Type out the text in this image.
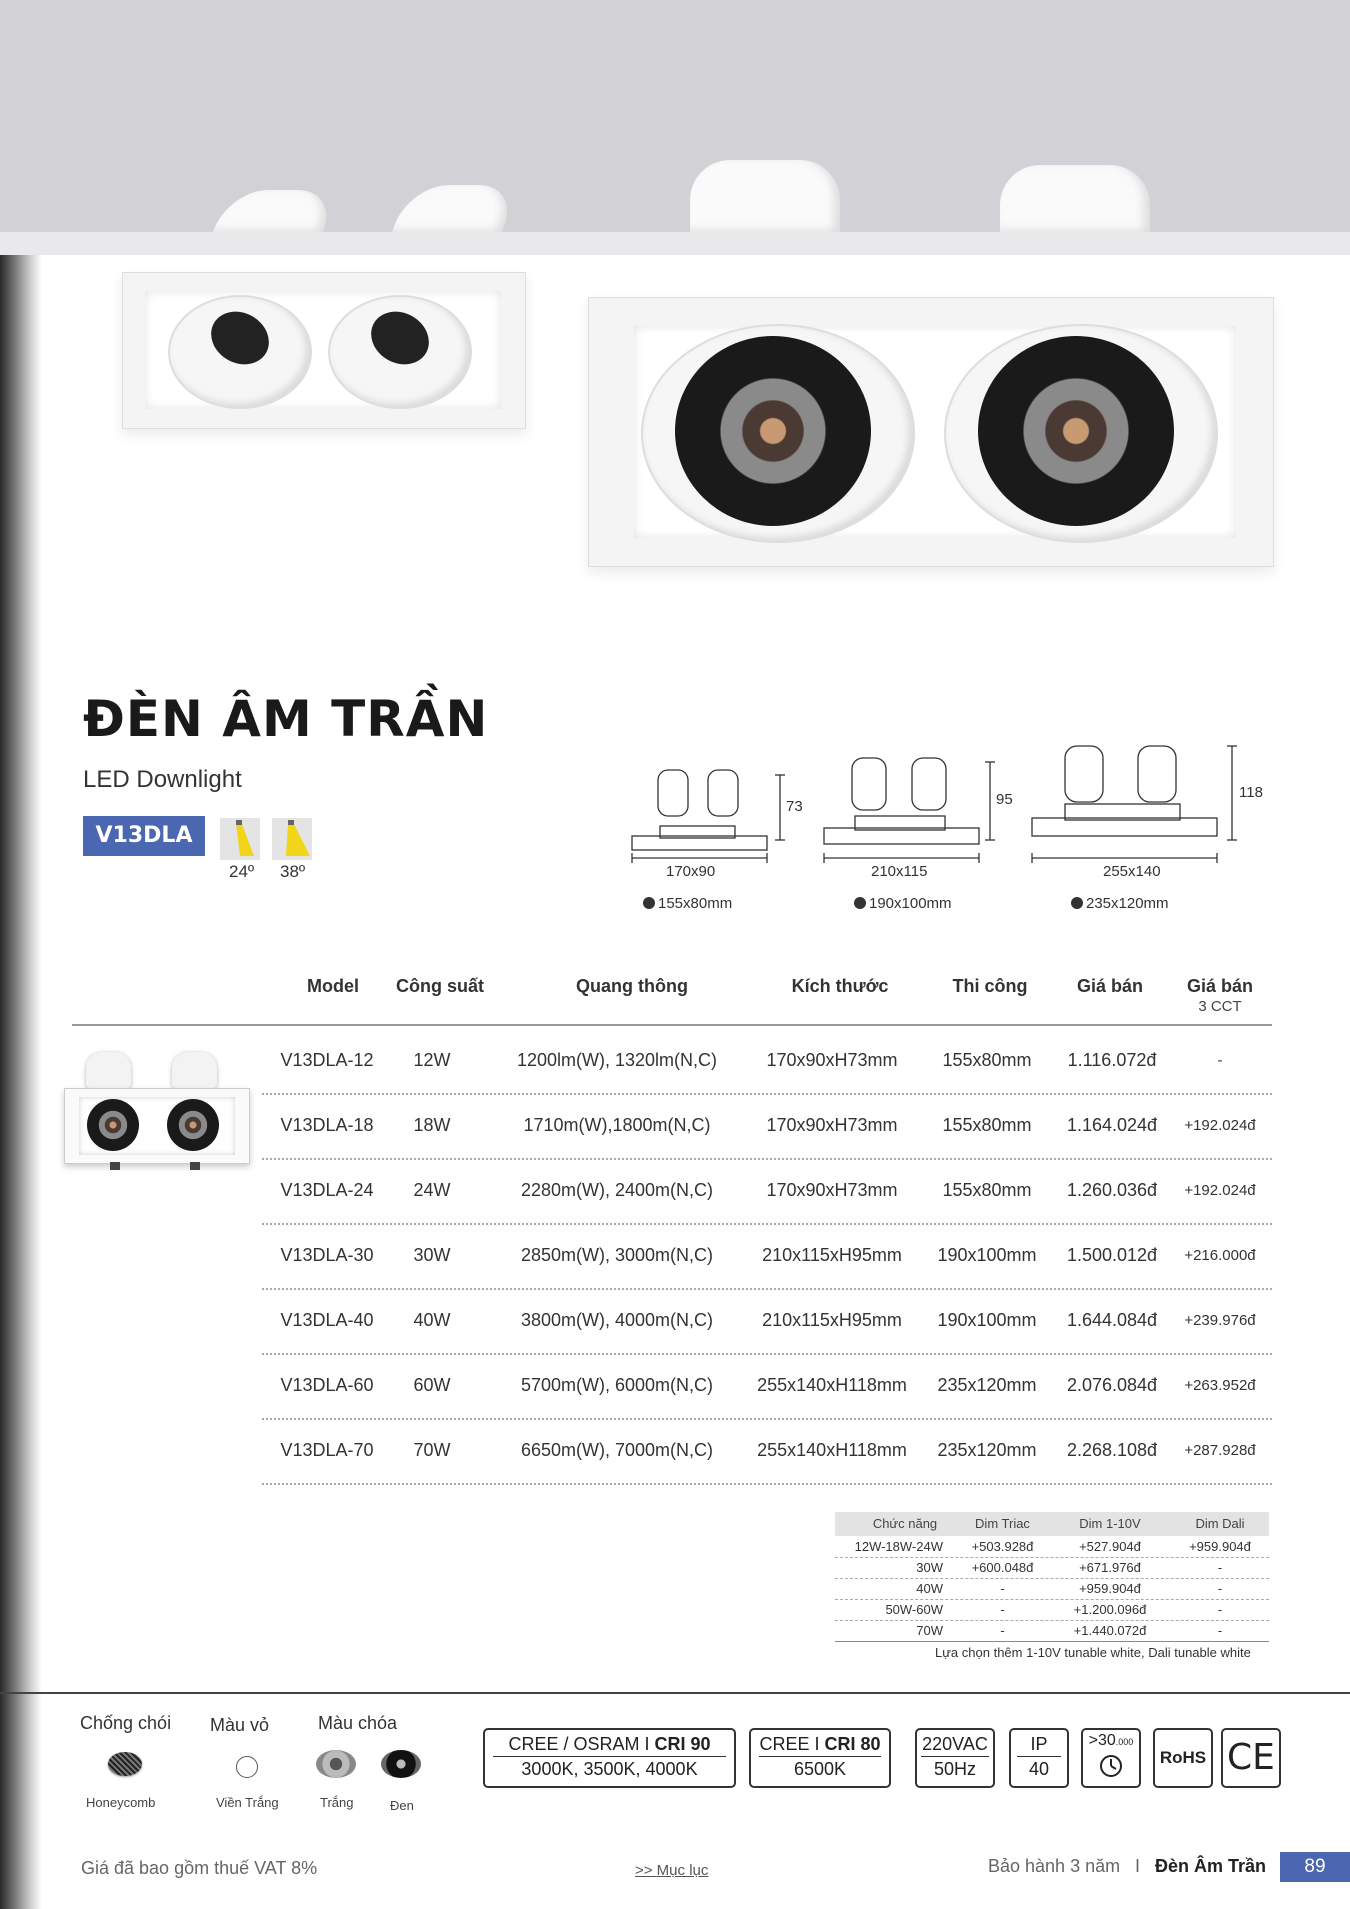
ĐÈN ÂM TRẦN
LED Downlight
V13DLA
24º 38º
73	95	118
170x90	210x115	255x140
155x80mm	190x100mm	235x120mm
Model	Công suất	Quang thông	Kích thước	Thi công	Giá bán	Giá bán
3 CCT
V13DLA-12	12W	1200lm(W), 1320lm(N,C)	170x90xH73mm	155x80mm	1.116.072đ	-
V13DLA-18	18W	1710m(W),1800m(N,C)	170x90xH73mm	155x80mm	1.164.024đ	+192.024đ
V13DLA-24	24W	2280m(W), 2400m(N,C)	170x90xH73mm	155x80mm	1.260.036đ	+192.024đ
V13DLA-30	30W	2850m(W), 3000m(N,C)	210x115xH95mm	190x100mm	1.500.012đ	+216.000đ
V13DLA-40	40W	3800m(W), 4000m(N,C)	210x115xH95mm	190x100mm	1.644.084đ	+239.976đ
V13DLA-60	60W	5700m(W), 6000m(N,C)	255x140xH118mm	235x120mm	2.076.084đ	+263.952đ
V13DLA-70	70W	6650m(W), 7000m(N,C)	255x140xH118mm	235x120mm	2.268.108đ	+287.928đ
Chức năng	Dim Triac	Dim 1-10V	Dim Dali
12W-18W-24W	+503.928đ	+527.904đ	+959.904đ
30W	+600.048đ	+671.976đ	-
40W	-	+959.904đ	-
50W-60W	-	+1.200.096đ	-
70W	-	+1.440.072đ	-
Lựa chọn thêm 1-10V tunable white, Dali tunable white
Chống chói Màu vỏ	Màu chóa
Honeycomb	Viền Trắng	Trắng	Đen
CREE / OSRAM I CRI 90
3000K, 3500K, 4000K
CREE I CRI 80
6500K
220VAC
50Hz
IP
40
>30.000
RoHS CE
Giá đã bao gồm thuế VAT 8%	>> Mục lục	Bảo hành 3 năm I Đèn Âm Trần	89
